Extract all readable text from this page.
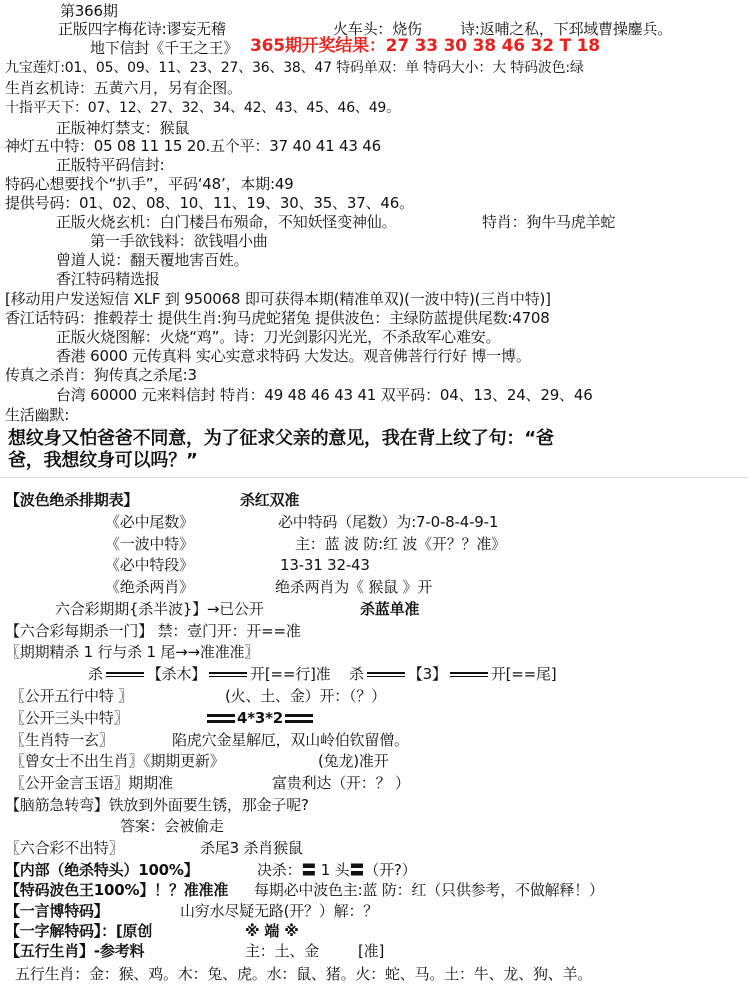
第366期
正版四字梅花诗:谬妄无稽	火车头：烧伤	诗:返哺之私，下邳域曹操鏖兵。
地下信封《千王之王》 365期开奖结果：27 33 30 38 46 32 T 18
九宝莲灯:01、05、09、11、23、27、36、38、47 特码单双：单 特码大小：大 特码波色:绿
生肖玄机诗：五黄六月，另有企图。
十指平天下：07、12、27、32、34、42、43、45、46、49。
正版神灯禁支：猴鼠
神灯五中特：05 08 11 15 20.五个平：37 40 41 43 46
正版特平码信封:
特码心想要找个“扒手”，平码‘48’，本期:49
提供号码：01、02、08、10、11、19、30、35、37、46。
正版火烧玄机：白门楼吕布殒命，不知妖怪变神仙。	特肖：狗牛马虎羊蛇
第一手欲钱料：欲钱唱小曲
曾道人说：翻天覆地害百姓。
香江特码精选报
[移动用户发送短信 XLF 到 950068 即可获得本期(精准单双)(一波中特)(三肖中特)]
香江话特码：推毂荐士 提供生肖:狗马虎蛇猪兔 提供波色：主绿防蓝提供尾数:4708
正版火烧图解：火烧“鸡”。诗：刀光剑影闪光光，不杀敌军心难安。
香港 6000 元传真料 实心实意求特码 大发达。观音佛菩行行好 博一博。
传真之杀肖：狗传真之杀尾:3
台湾 60000 元来料信封 特肖：49 48 46 43 41 双平码：04、13、24、29、46
生活幽默:
想纹身又怕爸爸不同意，为了征求父亲的意见，我在背上纹了句：“爸
爸，我想纹身可以吗？”
【波色绝杀排期表】	杀红双准
《必中尾数》	必中特码（尾数）为:7-0-8-4-9-1
《一波中特》	主：蓝 波 防:红 波《开？？准》
《必中特段》	13-31 32-43
《绝杀两肖》	绝杀两肖为《 猴鼠 》开
六合彩期期{杀半波}】→已公开	杀蓝单准
【六合彩每期杀一门】 禁：壹门开：开==准
〖期期精杀 1 行与杀 1 尾→→准准准〗
杀	【杀木】	开[==行]准 杀	【3】	开[==尾]
〖公开五行中特 〗	(火、土、金）开：（？）
〖公开三头中特〗	4*3*2
〖生肖特一玄〗	陷虎穴金星解厄，双山岭伯钦留僧。
〖曾女士不出生肖〗《期期更新》	(兔龙)准开
〖公开金言玉语〗期期准	富贵利达（开：？ ）
【脑筋急转弯】铁放到外面要生锈，那金子呢?
答案：会被偷走
〖六合彩不出特〗	杀尾3 杀肖猴鼠
【内部（绝杀特头）100%】	决杀：〓 1 头〓（开?）
【特码波色王100%】！？准准准 每期必中波色主:蓝 防：红（只供参考，不做解释！）
【一言博特码】	山穷水尽疑无路(开？）解：？
【一字解特码】：[原创	※ 端 ※
【五行生肖】-参考料	主：土、金	[准]
五行生肖：金：猴、鸡。木：兔、虎。水：鼠、猪。火：蛇、马。土：牛、龙、狗、羊。
